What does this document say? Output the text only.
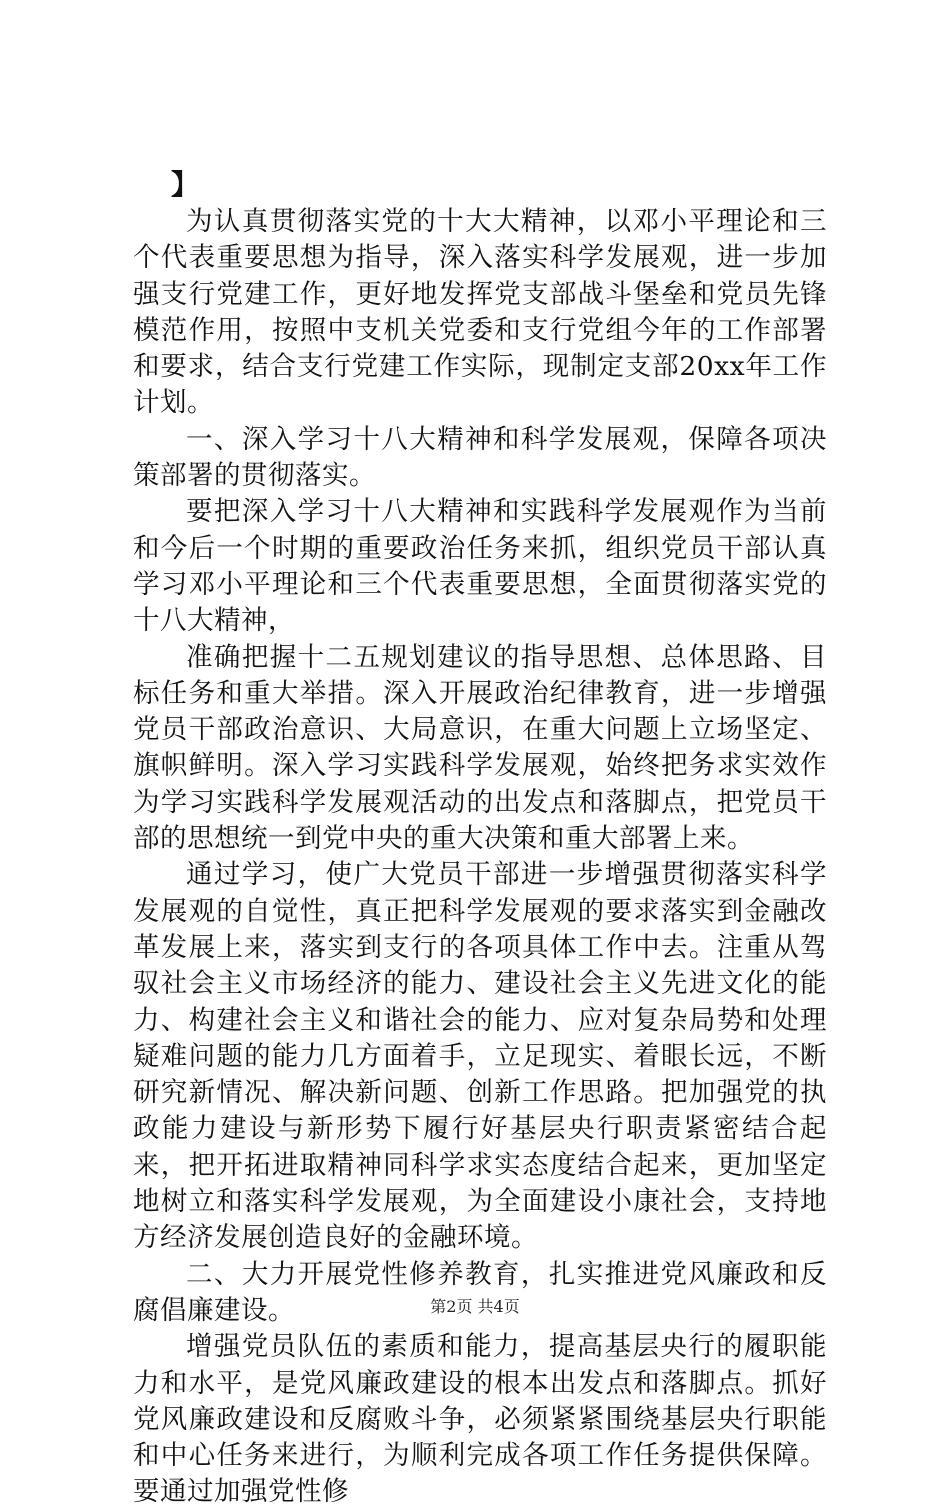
】

为认真贯彻落实党的十大大精神，以邓小平理论和三个代表重要思想为指导，深入落实科学发展观，进一步加强支行党建工作，更好地发挥党支部战斗堡垒和党员先锋模范作用，按照中支机关党委和支行党组今年的工作部署和要求，结合支行党建工作实际，现制定支部20xx年工作计划。

一、深入学习十八大精神和科学发展观，保障各项决策部署的贯彻落实。

要把深入学习十八大精神和实践科学发展观作为当前和今后一个时期的重要政治任务来抓，组织党员干部认真学习邓小平理论和三个代表重要思想，全面贯彻落实党的十八大精神，

准确把握十二五规划建议的指导思想、总体思路、目标任务和重大举措。深入开展政治纪律教育，进一步增强党员干部政治意识、大局意识，在重大问题上立场坚定、旗帜鲜明。深入学习实践科学发展观，始终把务求实效作为学习实践科学发展观活动的出发点和落脚点，把党员干部的思想统一到党中央的重大决策和重大部署上来。

通过学习，使广大党员干部进一步增强贯彻落实科学发展观的自觉性，真正把科学发展观的要求落实到金融改革发展上来，落实到支行的各项具体工作中去。注重从驾驭社会主义市场经济的能力、建设社会主义先进文化的能力、构建社会主义和谐社会的能力、应对复杂局势和处理疑难问题的能力几方面着手，立足现实、着眼长远，不断研究新情况、解决新问题、创新工作思路。把加强党的执政能力建设与新形势下履行好基层央行职责紧密结合起来，把开拓进取精神同科学求实态度结合起来，更加坚定地树立和落实科学发展观，为全面建设小康社会，支持地方经济发展创造良好的金融环境。

二、大力开展党性修养教育，扎实推进党风廉政和反腐倡廉建设。

增强党员队伍的素质和能力，提高基层央行的履职能力和水平，是党风廉政建设的根本出发点和落脚点。抓好党风廉政建设和反腐败斗争，必须紧紧围绕基层央行职能和中心任务来进行，为顺利完成各项工作任务提供保障。要通过加强党性修

第2页 共4页
